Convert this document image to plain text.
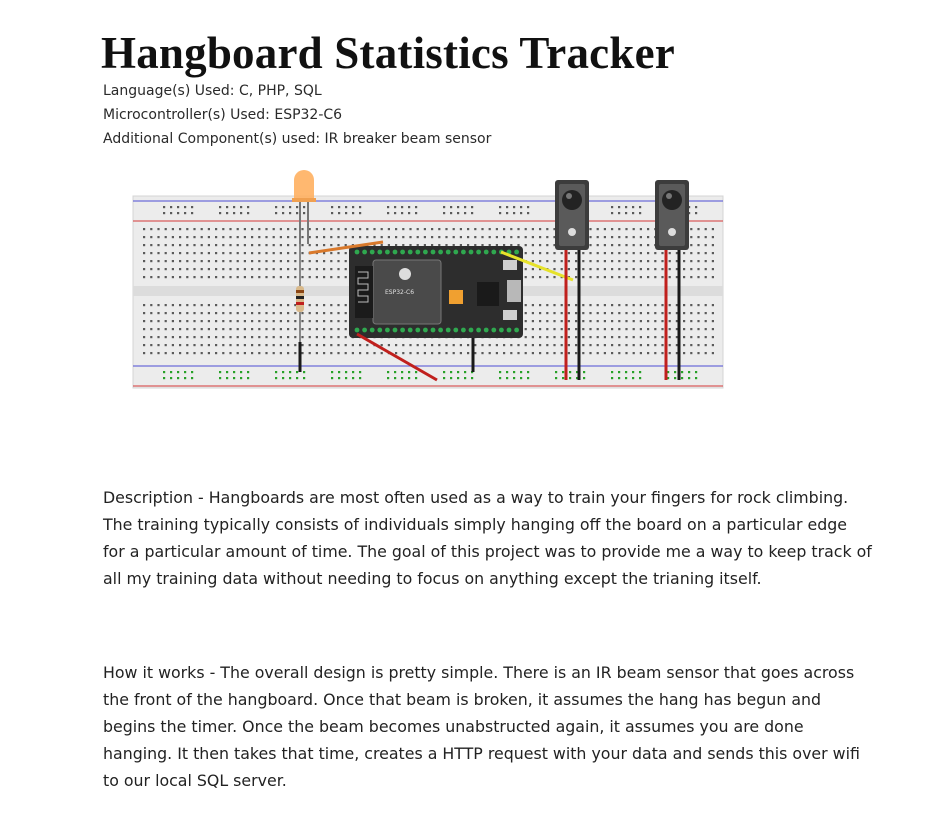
Hangboard Statistics Tracker
Language(s) Used: C, PHP, SQL
Microcontroller(s) Used: ESP32-C6
Additional Component(s) used: IR breaker beam sensor
ESP32-C6

Description - Hangboards are most often used as a way to train your fingers for rock climbing. The training typically consists of individuals simply hanging off the board on a particular edge for a particular amount of time. The goal of this project was to provide me a way to keep track of all my training data without needing to focus on anything except the trianing itself.

How it works - The overall design is pretty simple. There is an IR beam sensor that goes across the front of the hangboard. Once that beam is broken, it assumes the hang has begun and begins the timer. Once the beam becomes unabstructed again, it assumes you are done hanging. It then takes that time, creates a HTTP request with your data and sends this over wifi to our local SQL server.
